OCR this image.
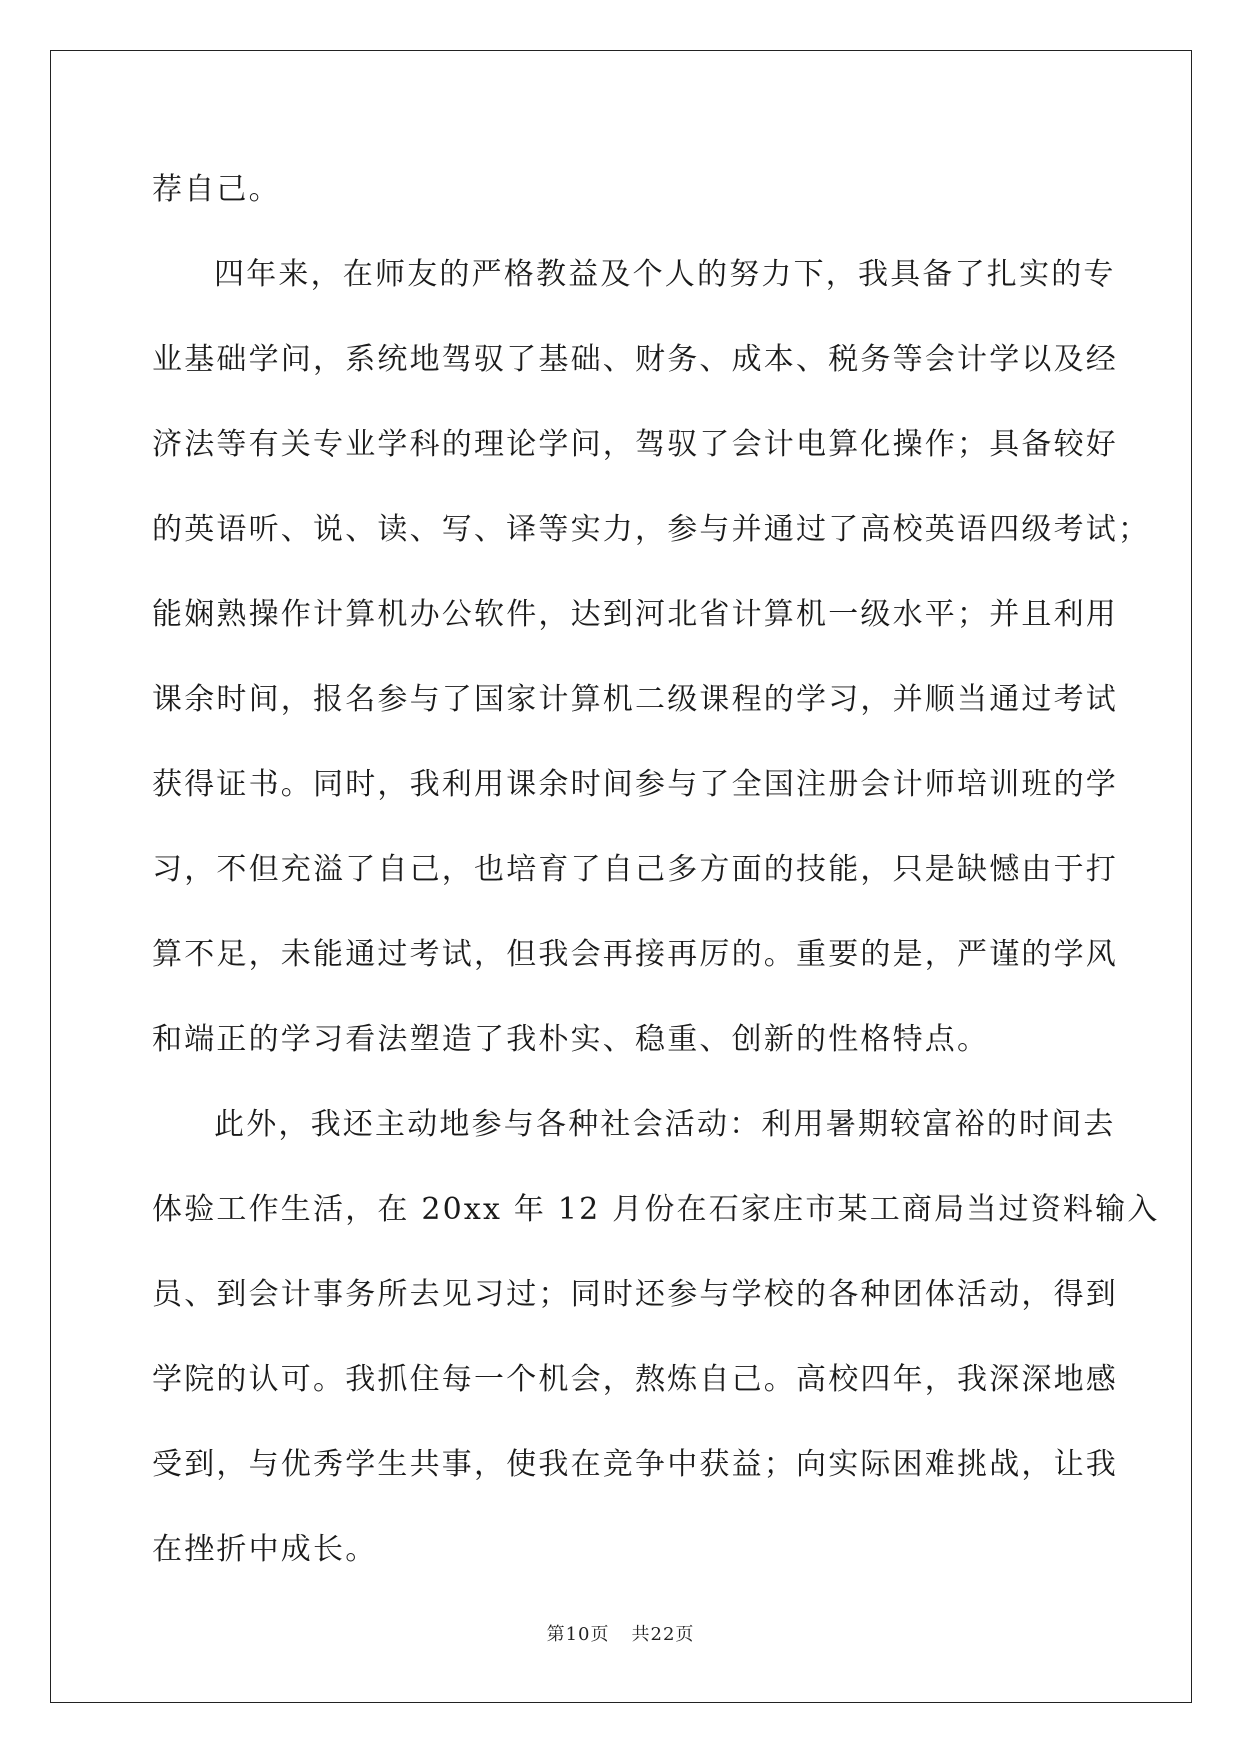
荐自己。
四年来，在师友的严格教益及个人的努力下，我具备了扎实的专
业基础学问，系统地驾驭了基础、财务、成本、税务等会计学以及经
济法等有关专业学科的理论学问，驾驭了会计电算化操作；具备较好
的英语听、说、读、写、译等实力，参与并通过了高校英语四级考试；
能娴熟操作计算机办公软件，达到河北省计算机一级水平；并且利用
课余时间，报名参与了国家计算机二级课程的学习，并顺当通过考试
获得证书。同时，我利用课余时间参与了全国注册会计师培训班的学
习，不但充溢了自己，也培育了自己多方面的技能，只是缺憾由于打
算不足，未能通过考试，但我会再接再厉的。重要的是，严谨的学风
和端正的学习看法塑造了我朴实、稳重、创新的性格特点。
此外，我还主动地参与各种社会活动：利用暑期较富裕的时间去
体验工作生活，在 20xx 年 12 月份在石家庄市某工商局当过资料输入
员、到会计事务所去见习过；同时还参与学校的各种团体活动，得到
学院的认可。我抓住每一个机会，熬炼自己。高校四年，我深深地感
受到，与优秀学生共事，使我在竞争中获益；向实际困难挑战，让我
在挫折中成长。
第10页 共22页
